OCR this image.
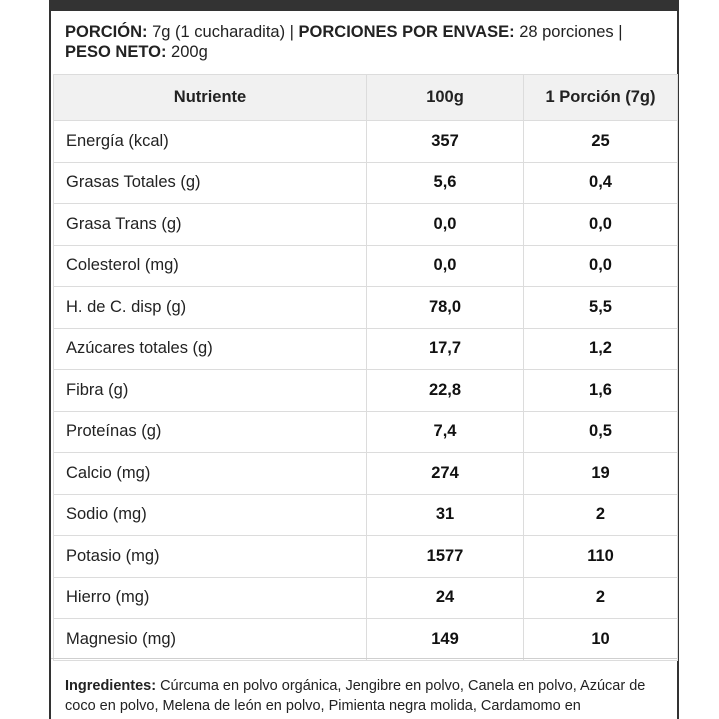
PORCIÓN: 7g (1 cucharadita) | PORCIONES POR ENVASE: 28 porciones |
PESO NETO: 200g
Nutriente	100g	1 Porción (7g)
Energía (kcal)	357	25
Grasas Totales (g)	5,6	0,4
Grasa Trans (g)	0,0	0,0
Colesterol (mg)	0,0	0,0
H. de C. disp (g)	78,0	5,5
Azúcares totales (g)	17,7	1,2
Fibra (g)	22,8	1,6
Proteínas (g)	7,4	0,5
Calcio (mg)	274	19
Sodio (mg)	31	2
Potasio (mg)	1577	110
Hierro (mg)	24	2
Magnesio (mg)	149	10
Ingredientes: Cúrcuma en polvo orgánica, Jengibre en polvo, Canela en polvo, Azúcar de coco en polvo, Melena de león en polvo, Pimienta negra molida, Cardamomo en
